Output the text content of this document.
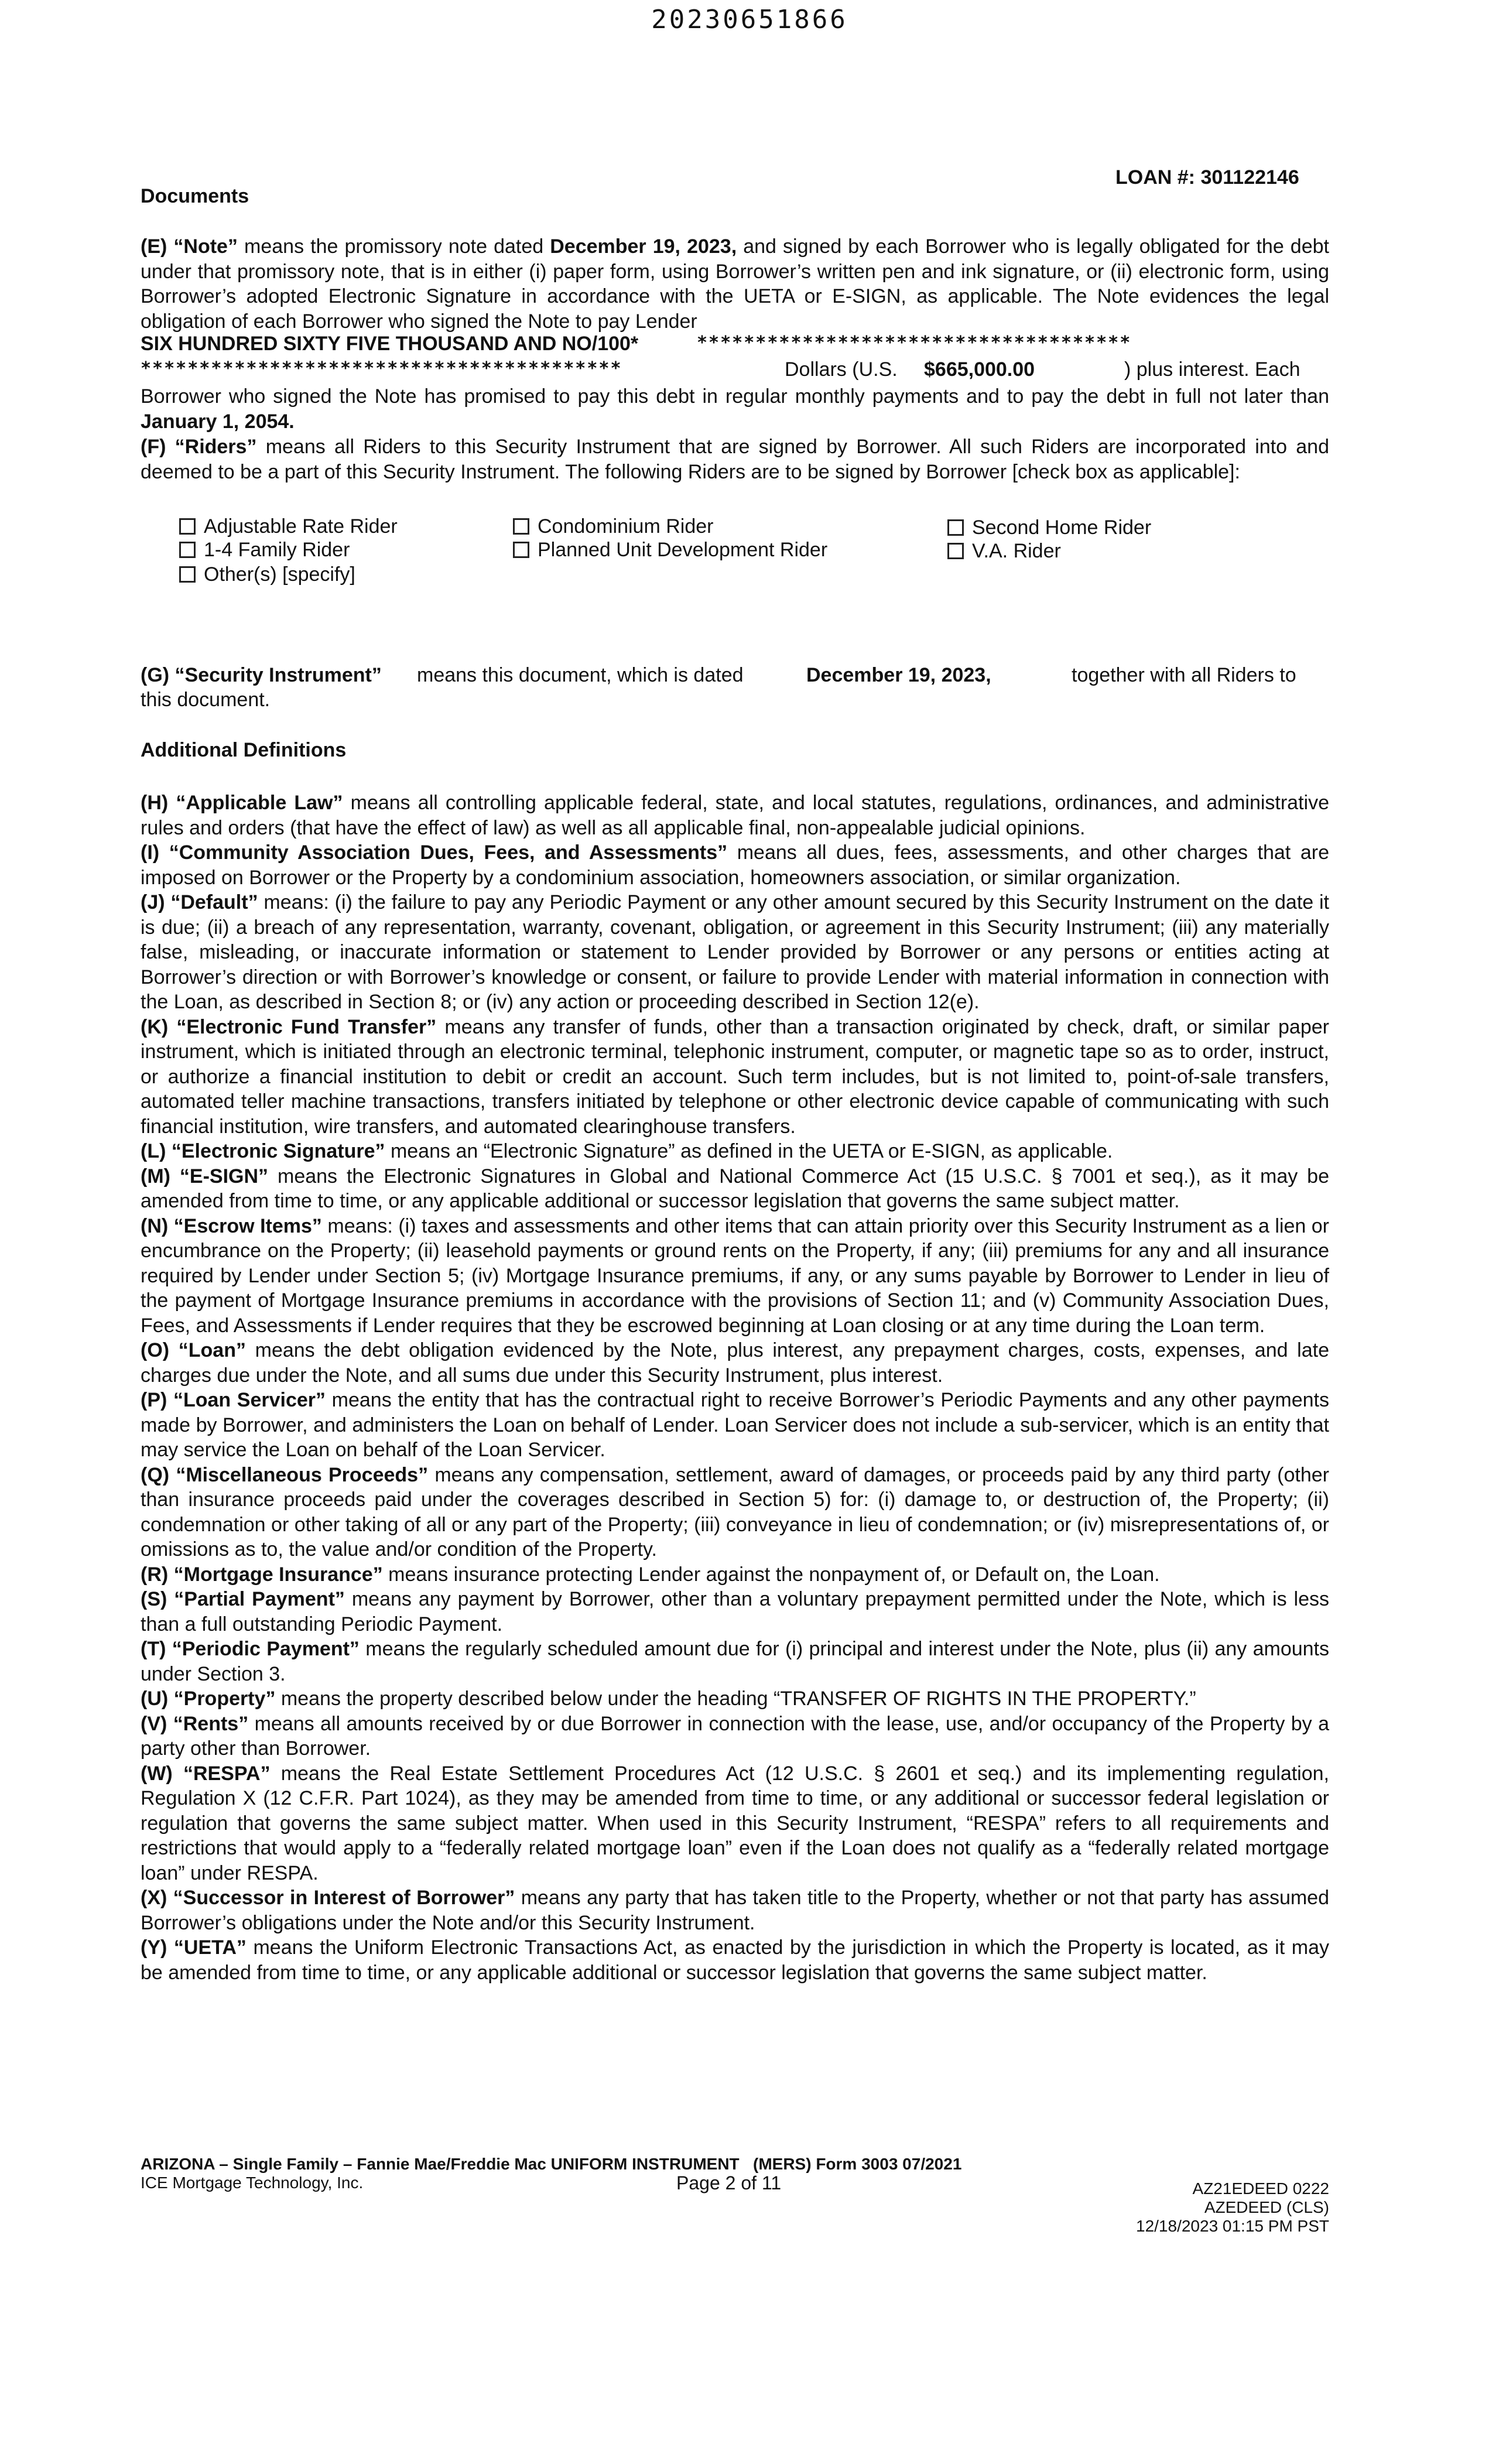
20230651866
LOAN #: 301122146
Documents
(E) “Note” means the promissory note dated December 19, 2023, and signed by each Borrower who is legally obligated for the debt under that promissory note, that is in either (i) paper form, using Borrower’s written pen and ink signature, or (ii) electronic form, using Borrower’s adopted Electronic Signature in accordance with the UETA or E-SIGN, as applicable. The Note evidences the legal obligation of each Borrower who signed the Note to pay Lender
SIX HUNDRED SIXTY FIVE THOUSAND AND NO/100*	*************************************
*****************************************	Dollars (U.S. $665,000.00	) plus interest. Each
Borrower who signed the Note has promised to pay this debt in regular monthly payments and to pay the debt in full not later than January 1, 2054.
(F) “Riders” means all Riders to this Security Instrument that are signed by Borrower. All such Riders are incorporated into and deemed to be a part of this Security Instrument. The following Riders are to be signed by Borrower [check box as applicable]:
Adjustable Rate Rider	Condominium Rider	Second Home Rider
1-4 Family Rider	Planned Unit Development Rider	V.A. Rider
Other(s) [specify]
(G) “Security Instrument” means this document, which is dated	December 19, 2023,	together with all Riders to
this document.
Additional Definitions
(H) “Applicable Law” means all controlling applicable federal, state, and local statutes, regulations, ordinances, and administrative rules and orders (that have the effect of law) as well as all applicable final, non-appealable judicial opinions.
(I) “Community Association Dues, Fees, and Assessments” means all dues, fees, assessments, and other charges that are imposed on Borrower or the Property by a condominium association, homeowners association, or similar organization.
(J) “Default” means: (i) the failure to pay any Periodic Payment or any other amount secured by this Security Instrument on the date it is due; (ii) a breach of any representation, warranty, covenant, obligation, or agreement in this Security Instrument; (iii) any materially false, misleading, or inaccurate information or statement to Lender provided by Borrower or any persons or entities acting at Borrower’s direction or with Borrower’s knowledge or consent, or failure to provide Lender with material information in connection with the Loan, as described in Section 8; or (iv) any action or proceeding described in Section 12(e).
(K) “Electronic Fund Transfer” means any transfer of funds, other than a transaction originated by check, draft, or similar paper instrument, which is initiated through an electronic terminal, telephonic instrument, computer, or magnetic tape so as to order, instruct, or authorize a financial institution to debit or credit an account. Such term includes, but is not limited to, point-of-sale transfers, automated teller machine transactions, transfers initiated by telephone or other electronic device capable of communicating with such financial institution, wire transfers, and automated clearinghouse transfers.
(L) “Electronic Signature” means an “Electronic Signature” as defined in the UETA or E-SIGN, as applicable.
(M) “E-SIGN” means the Electronic Signatures in Global and National Commerce Act (15 U.S.C. § 7001 et seq.), as it may be amended from time to time, or any applicable additional or successor legislation that governs the same subject matter.
(N) “Escrow Items” means: (i) taxes and assessments and other items that can attain priority over this Security Instrument as a lien or encumbrance on the Property; (ii) leasehold payments or ground rents on the Property, if any; (iii) premiums for any and all insurance required by Lender under Section 5; (iv) Mortgage Insurance premiums, if any, or any sums payable by Borrower to Lender in lieu of the payment of Mortgage Insurance premiums in accordance with the provisions of Section 11; and (v) Community Association Dues, Fees, and Assessments if Lender requires that they be escrowed beginning at Loan closing or at any time during the Loan term.
(O) “Loan” means the debt obligation evidenced by the Note, plus interest, any prepayment charges, costs, expenses, and late charges due under the Note, and all sums due under this Security Instrument, plus interest.
(P) “Loan Servicer” means the entity that has the contractual right to receive Borrower’s Periodic Payments and any other payments made by Borrower, and administers the Loan on behalf of Lender. Loan Servicer does not include a sub-servicer, which is an entity that may service the Loan on behalf of the Loan Servicer.
(Q) “Miscellaneous Proceeds” means any compensation, settlement, award of damages, or proceeds paid by any third party (other than insurance proceeds paid under the coverages described in Section 5) for: (i) damage to, or destruction of, the Property; (ii) condemnation or other taking of all or any part of the Property; (iii) conveyance in lieu of condemnation; or (iv) misrepresentations of, or omissions as to, the value and/or condition of the Property.
(R) “Mortgage Insurance” means insurance protecting Lender against the nonpayment of, or Default on, the Loan.
(S) “Partial Payment” means any payment by Borrower, other than a voluntary prepayment permitted under the Note, which is less than a full outstanding Periodic Payment.
(T) “Periodic Payment” means the regularly scheduled amount due for (i) principal and interest under the Note, plus (ii) any amounts under Section 3.
(U) “Property” means the property described below under the heading “TRANSFER OF RIGHTS IN THE PROPERTY.”
(V) “Rents” means all amounts received by or due Borrower in connection with the lease, use, and/or occupancy of the Property by a party other than Borrower.
(W) “RESPA” means the Real Estate Settlement Procedures Act (12 U.S.C. § 2601 et seq.) and its implementing regulation, Regulation X (12 C.F.R. Part 1024), as they may be amended from time to time, or any additional or successor federal legislation or regulation that governs the same subject matter. When used in this Security Instrument, “RESPA” refers to all requirements and restrictions that would apply to a “federally related mortgage loan” even if the Loan does not qualify as a “federally related mortgage loan” under RESPA.
(X) “Successor in Interest of Borrower” means any party that has taken title to the Property, whether or not that party has assumed Borrower’s obligations under the Note and/or this Security Instrument.
(Y) “UETA” means the Uniform Electronic Transactions Act, as enacted by the jurisdiction in which the Property is located, as it may be amended from time to time, or any applicable additional or successor legislation that governs the same subject matter.
ARIZONA – Single Family – Fannie Mae/Freddie Mac UNIFORM INSTRUMENT (MERS) Form 3003 07/2021
ICE Mortgage Technology, Inc.	Page 2 of 11	AZ21EDEED 0222
AZEDEED (CLS)
12/18/2023 01:15 PM PST
